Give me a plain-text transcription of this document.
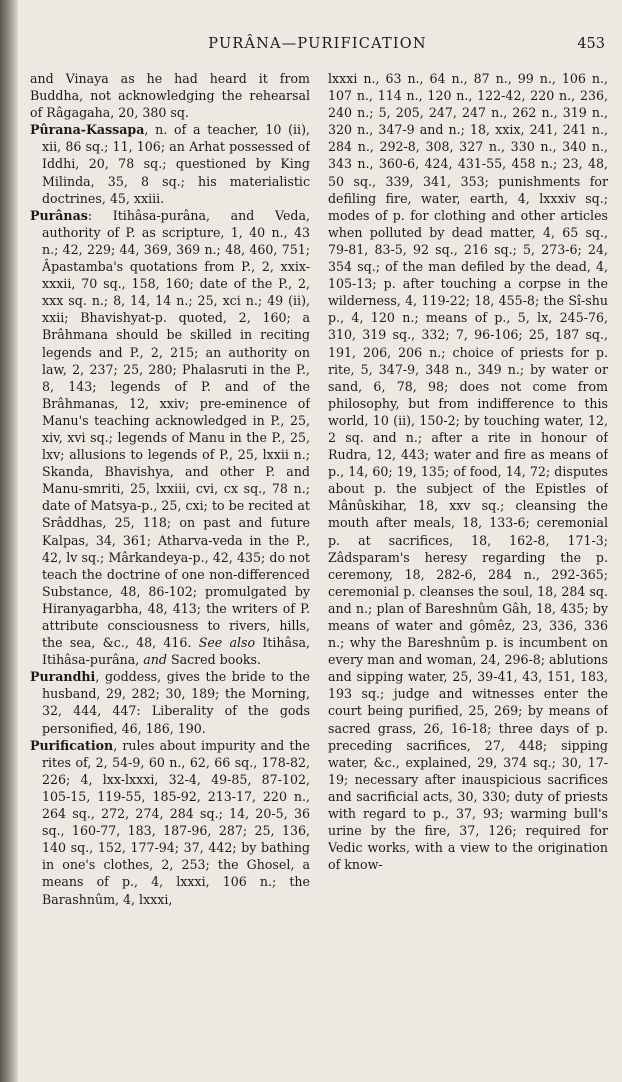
PURÂNA—PURIFICATION	453

and Vinaya as he had heard it from Buddha, not acknowledging the rehearsal of Râgagaha, 20, 380 sq.

Pûrana-Kassapa, n. of a teacher, 10 (ii), xii, 86 sq.; 11, 106; an Arhat possessed of Iddhi, 20, 78 sq.; questioned by King Milinda, 35, 8 sq.; his materialistic doctrines, 45, xxiii.

Purânas: Itihâsa-purâna, and Veda, authority of P. as scripture, 1, 40 n., 43 n.; 42, 229; 44, 369, 369 n.; 48, 460, 751; Âpastamba's quotations from P., 2, xxix-xxxii, 70 sq., 158, 160; date of the P., 2, xxx sq. n.; 8, 14, 14 n.; 25, xci n.; 49 (ii), xxii; Bhavishyat-p. quoted, 2, 160; a Brâhmana should be skilled in reciting legends and P., 2, 215; an authority on law, 2, 237; 25, 280; Phalasruti in the P., 8, 143; legends of P. and of the Brâhmanas, 12, xxiv; pre-eminence of Manu's teaching acknowledged in P., 25, xiv, xvi sq.; legends of Manu in the P., 25, lxv; allusions to legends of P., 25, lxxii n.; Skanda, Bhavishya, and other P. and Manu-smriti, 25, lxxiii, cvi, cx sq., 78 n.; date of Matsya-p., 25, cxi; to be recited at Srâddhas, 25, 118; on past and future Kalpas, 34, 361; Atharva-veda in the P., 42, lv sq.; Mârkandeya-p., 42, 435; do not teach the doctrine of one non-differenced Substance, 48, 86-102; promulgated by Hiranyagarbha, 48, 413; the writers of P. attribute consciousness to rivers, hills, the sea, &c., 48, 416. See also Itihâsa, Itihâsa-purâna, and Sacred books.

Purandhi, goddess, gives the bride to the husband, 29, 282; 30, 189; the Morning, 32, 444, 447: Liberality of the gods personified, 46, 186, 190.

Purification, rules about impurity and the rites of, 2, 54-9, 60 n., 62, 66 sq., 178-82, 226; 4, lxx-lxxxi, 32-4, 49-85, 87-102, 105-15, 119-55, 185-92, 213-17, 220 n., 264 sq., 272, 274, 284 sq.; 14, 20-5, 36 sq., 160-77, 183, 187-96, 287; 25, 136, 140 sq., 152, 177-94; 37, 442; by bathing in one's clothes, 2, 253; the Ghosel, a means of p., 4, lxxxi, 106 n.; the Barashnûm, 4, lxxxi,

lxxxi n., 63 n., 64 n., 87 n., 99 n., 106 n., 107 n., 114 n., 120 n., 122-42, 220 n., 236, 240 n.; 5, 205, 247, 247 n., 262 n., 319 n., 320 n., 347-9 and n.; 18, xxix, 241, 241 n., 284 n., 292-8, 308, 327 n., 330 n., 340 n., 343 n., 360-6, 424, 431-55, 458 n.; 23, 48, 50 sq., 339, 341, 353; punishments for defiling fire, water, earth, 4, lxxxiv sq.; modes of p. for clothing and other articles when polluted by dead matter, 4, 65 sq., 79-81, 83-5, 92 sq., 216 sq.; 5, 273-6; 24, 354 sq.; of the man defiled by the dead, 4, 105-13; p. after touching a corpse in the wilderness, 4, 119-22; 18, 455-8; the Sî-shu p., 4, 120 n.; means of p., 5, lx, 245-76, 310, 319 sq., 332; 7, 96-106; 25, 187 sq., 191, 206, 206 n.; choice of priests for p. rite, 5, 347-9, 348 n., 349 n.; by water or sand, 6, 78, 98; does not come from philosophy, but from indifference to this world, 10 (ii), 150-2; by touching water, 12, 2 sq. and n.; after a rite in honour of Rudra, 12, 443; water and fire as means of p., 14, 60; 19, 135; of food, 14, 72; disputes about p. the subject of the Epistles of Mânûskihar, 18, xxv sq.; cleansing the mouth after meals, 18, 133-6; ceremonial p. at sacrifices, 18, 162-8, 171-3; Zâdsparam's heresy regarding the p. ceremony, 18, 282-6, 284 n., 292-365; ceremonial p. cleanses the soul, 18, 284 sq. and n.; plan of Bareshnûm Gâh, 18, 435; by means of water and gômêz, 23, 336, 336 n.; why the Bareshnûm p. is incumbent on every man and woman, 24, 296-8; ablutions and sipping water, 25, 39-41, 43, 151, 183, 193 sq.; judge and witnesses enter the court being purified, 25, 269; by means of sacred grass, 26, 16-18; three days of p. preceding sacrifices, 27, 448; sipping water, &c., explained, 29, 374 sq.; 30, 17-19; necessary after inauspicious sacrifices and sacrificial acts, 30, 330; duty of priests with regard to p., 37, 93; warming bull's urine by the fire, 37, 126; required for Vedic works, with a view to the origination of know-
